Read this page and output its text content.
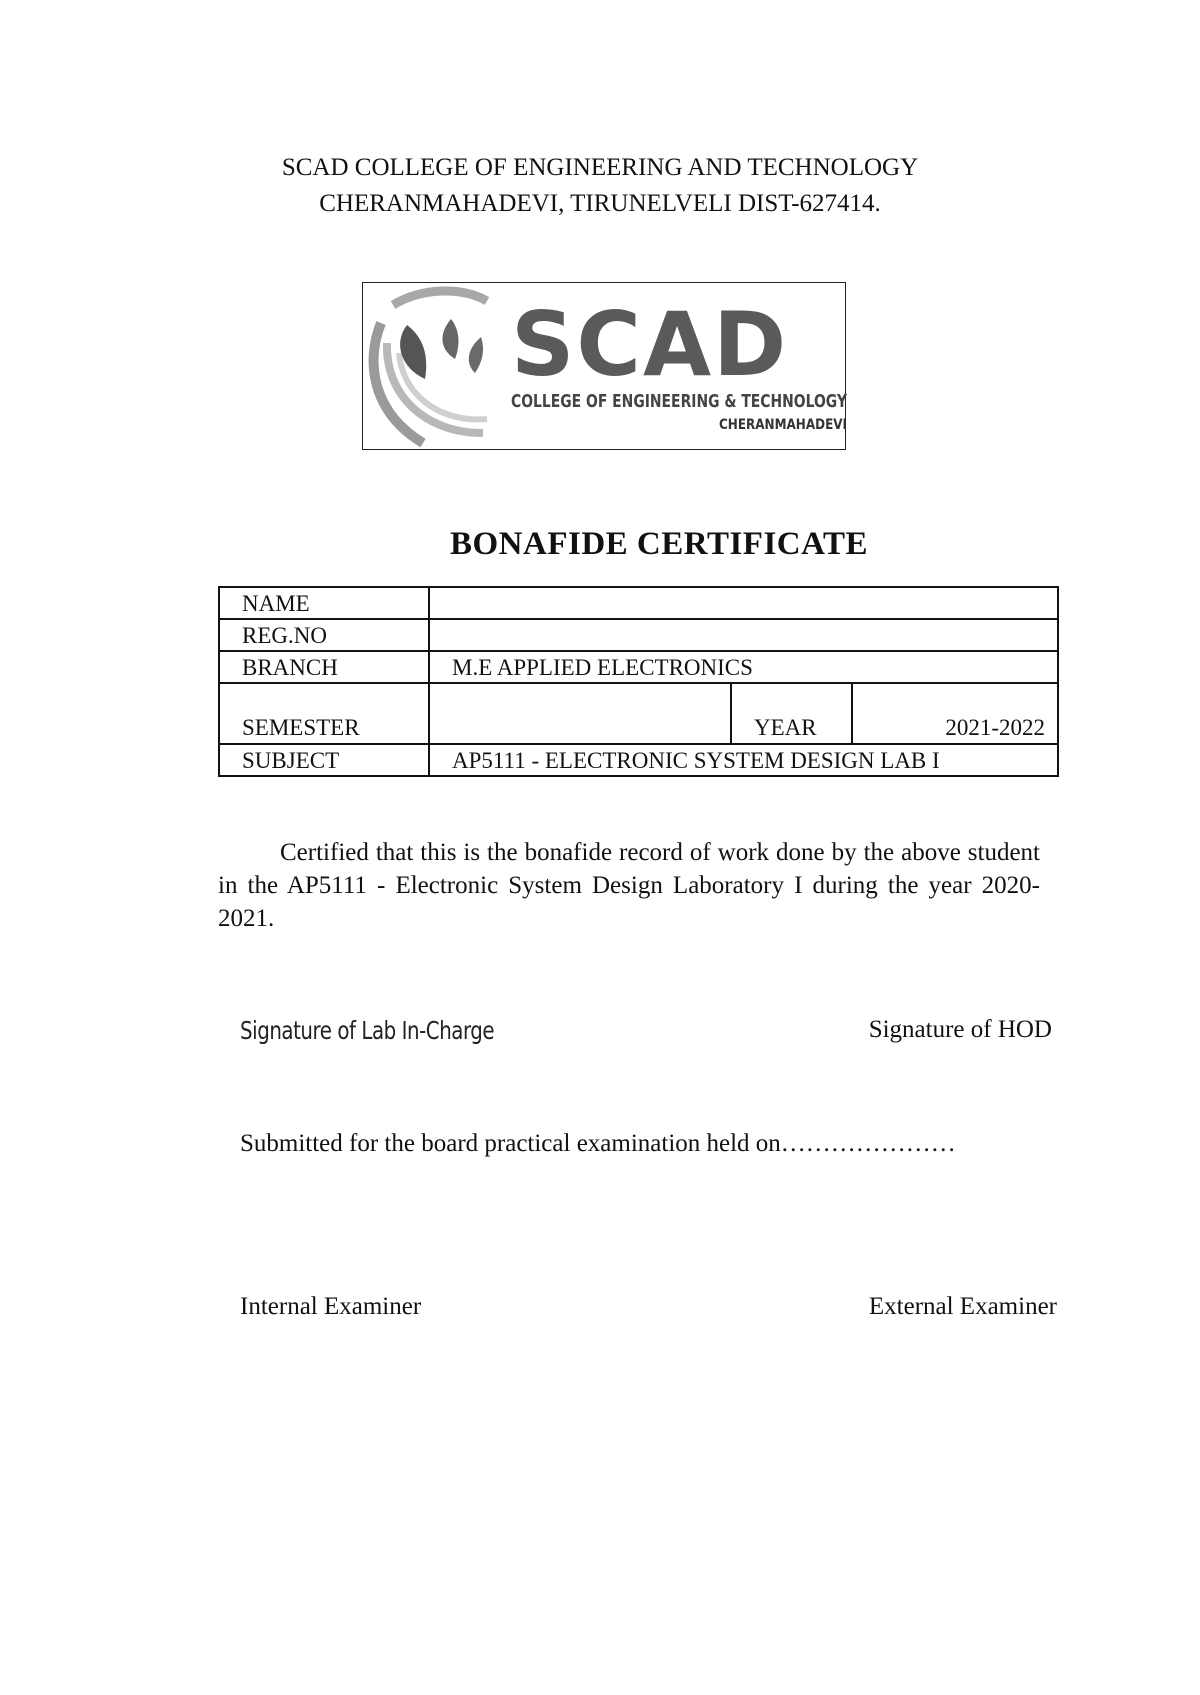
SCAD COLLEGE OF ENGINEERING AND TECHNOLOGY
CHERANMAHADEVI, TIRUNELVELI DIST-627414.
SCAD
COLLEGE OF ENGINEERING & TECHNOLOGY
CHERANMAHADEVI
BONAFIDE CERTIFICATE
NAME			
REG.NO			
BRANCH	M.E APPLIED ELECTRONICS		
SEMESTER		YEAR	2021-2022
SUBJECT	AP5111 - ELECTRONIC SYSTEM DESIGN LAB I		
Certified that this is the bonafide record of work done by the above student in the AP5111 - Electronic System Design Laboratory I during the year 2020-2021.
Signature of Lab In-Charge	Signature of HOD
Submitted for the board practical examination held on…………………
Internal Examiner	External Examiner
